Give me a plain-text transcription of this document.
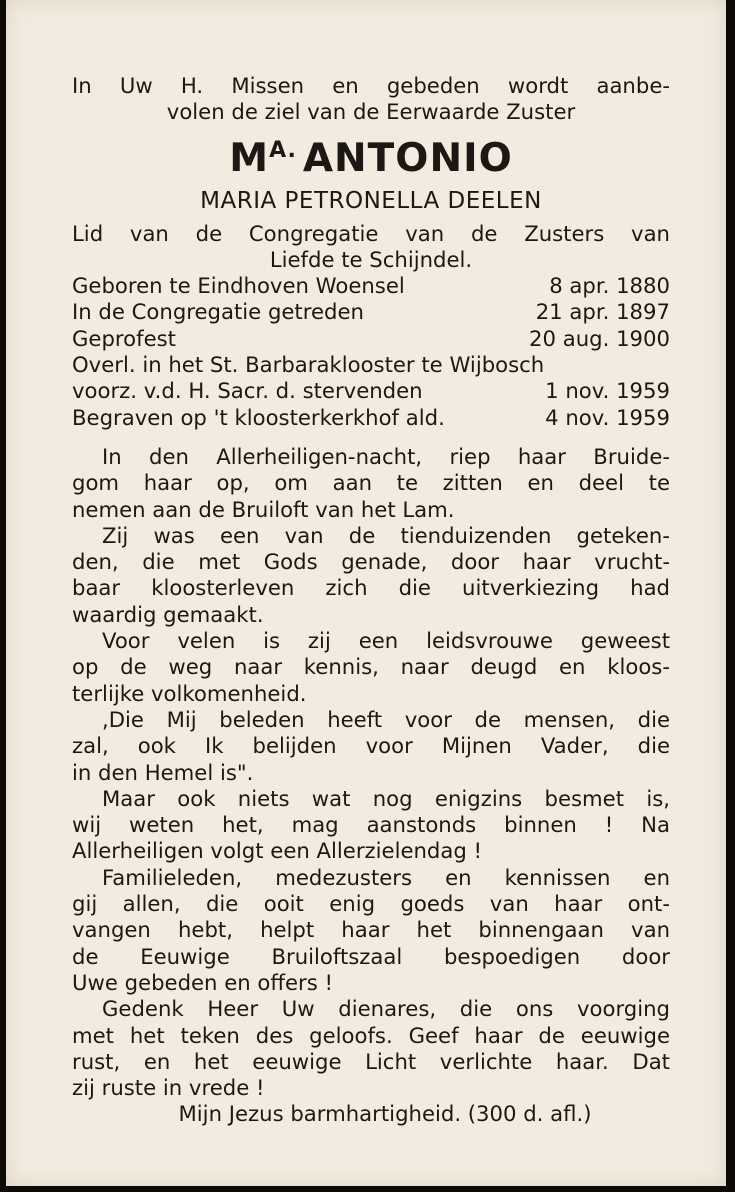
In Uw H. Missen en gebeden wordt aanbe-
volen de ziel van de Eerwaarde Zuster
$M^{A.}$ ANTONIO
MARIA PETRONELLA DEELEN
Lid van de Congregatie van de Zusters van
Liefde te Schijndel.
Geboren te Eindhoven Woensel	8 apr. 1880
In de Congregatie getreden	21 apr. 1897
Geprofest	20 aug. 1900
Overl. in het St. Barbaraklooster te Wijbosch
voorz. v.d. H. Sacr. d. stervenden	1 nov. 1959
Begraven op 't kloosterkerkhof ald.	4 nov. 1959
In den Allerheiligen-nacht, riep haar Bruide-
gom haar op, om aan te zitten en deel te
nemen aan de Bruiloft van het Lam.
Zij was een van de tienduizenden geteken-
den, die met Gods genade, door haar vrucht-
baar kloosterleven zich die uitverkiezing had
waardig gemaakt.
Voor velen is zij een leidsvrouwe geweest
op de weg naar kennis, naar deugd en kloos-
terlijke volkomenheid.
,Die Mij beleden heeft voor de mensen, die
zal, ook Ik belijden voor Mijnen Vader, die
in den Hemel is".
Maar ook niets wat nog enigzins besmet is,
wij weten het, mag aanstonds binnen ! Na
Allerheiligen volgt een Allerzielendag !
Familieleden, medezusters en kennissen en
gij allen, die ooit enig goeds van haar ont-
vangen hebt, helpt haar het binnengaan van
de Eeuwige Bruiloftszaal bespoedigen door
Uwe gebeden en offers !
Gedenk Heer Uw dienares, die ons voorging
met het teken des geloofs. Geef haar de eeuwige
rust, en het eeuwige Licht verlichte haar. Dat
zij ruste in vrede !
Mijn Jezus barmhartigheid. (300 d. afl.)
